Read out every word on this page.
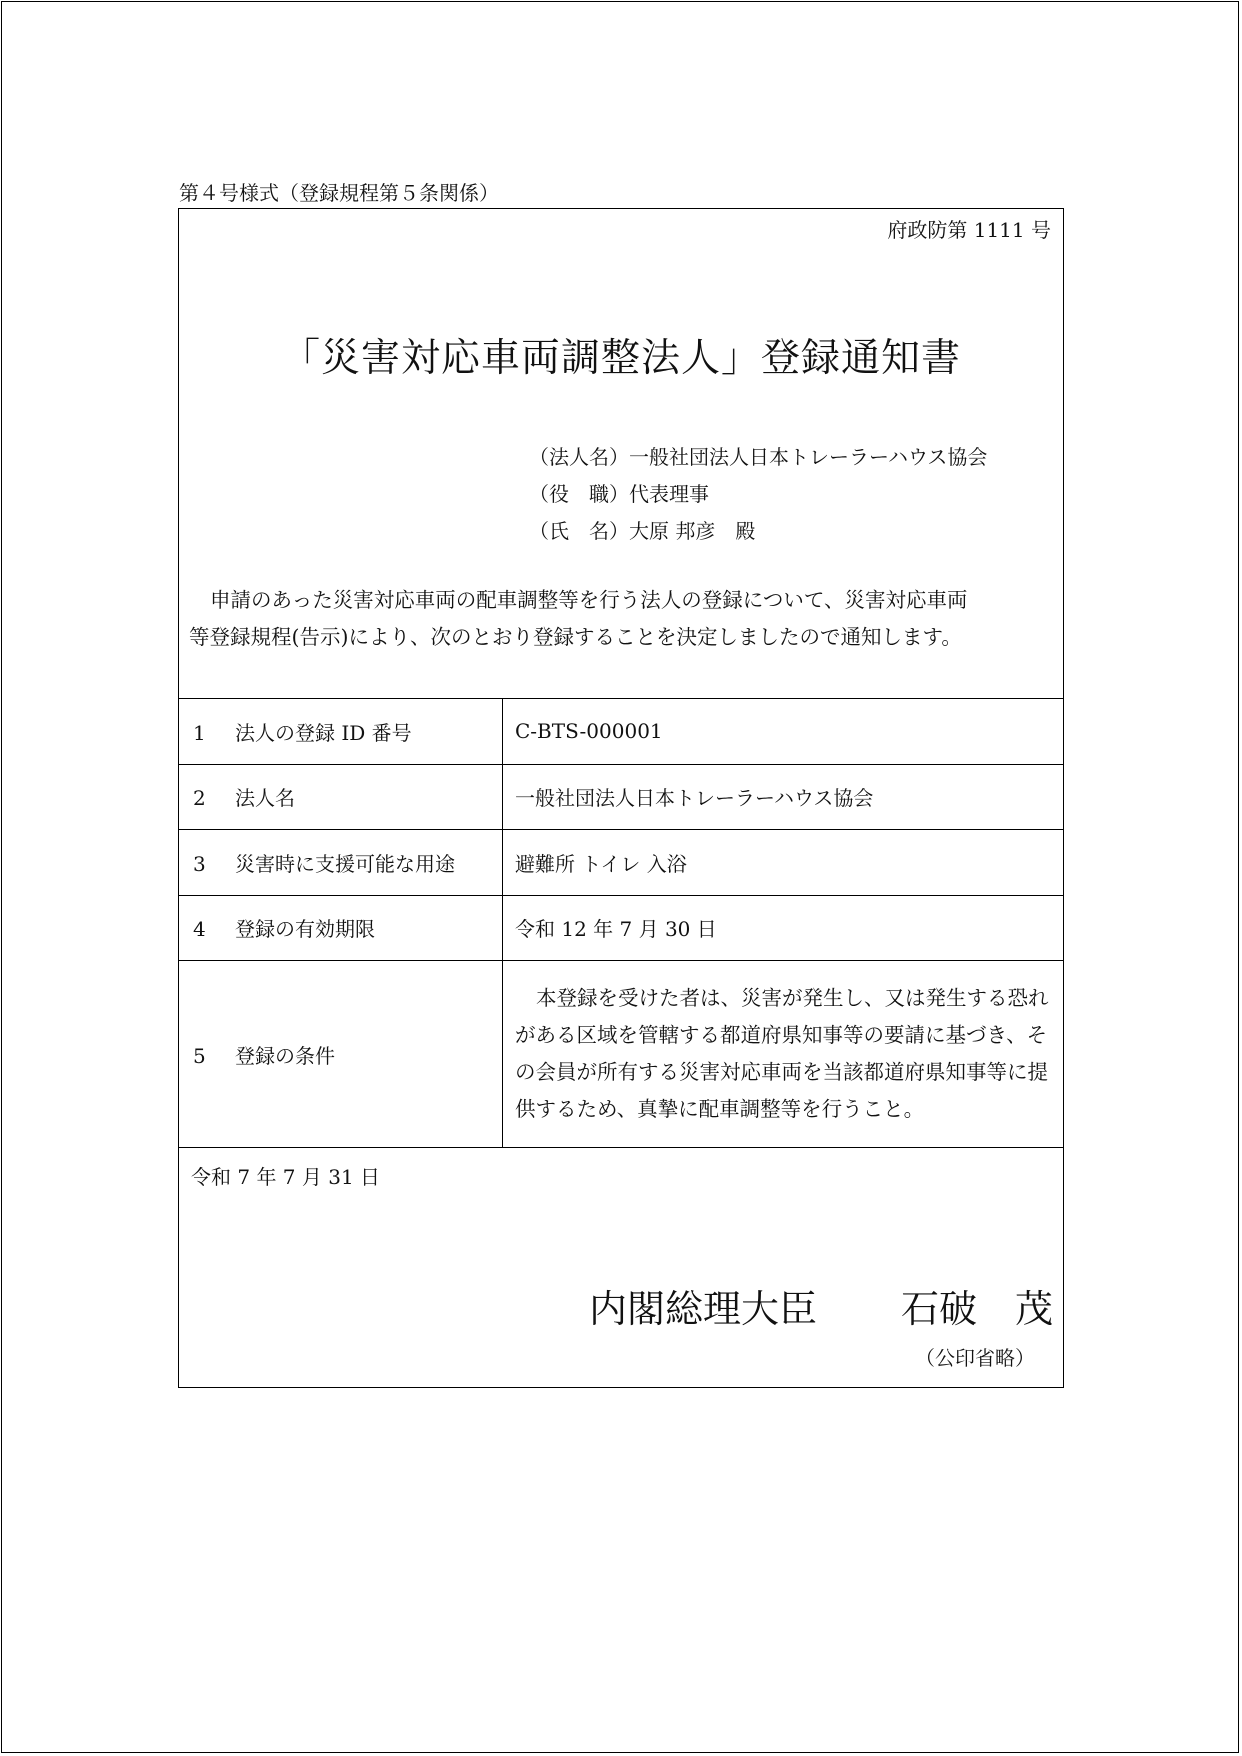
第４号様式（登録規程第５条関係）
府政防第 1111 号
「災害対応車両調整法人」登録通知書
（法人名）一般社団法人日本トレーラーハウス協会
（役　職）代表理事
（氏　名）大原 邦彦　殿
申請のあった災害対応車両の配車調整等を行う法人の登録について、災害対応車両
等登録規程(告示)により、次のとおり登録することを決定しましたので通知します。
1 法人の登録 ID 番号	C-BTS-000001
2 法人名	一般社団法人日本トレーラーハウス協会
3 災害時に支援可能な用途	避難所 トイレ 入浴
4 登録の有効期限	令和 12 年 7 月 30 日
5 登録の条件	本登録を受けた者は、災害が発生し、又は発生する恐れがある区域を管轄する都道府県知事等の要請に基づき、その会員が所有する災害対応車両を当該都道府県知事等に提供するため、真摯に配車調整等を行うこと。
令和 7 年 7 月 31 日
内閣総理大臣 石破　茂
（公印省略）
